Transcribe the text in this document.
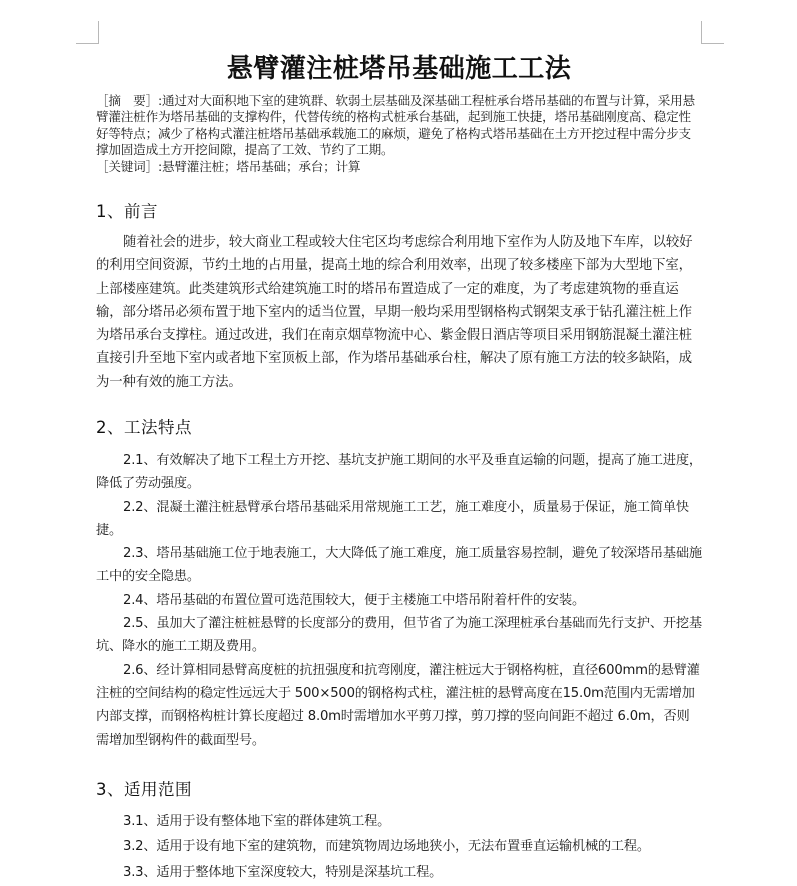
悬臂灌注桩塔吊基础施工工法

［摘　要］:通过对大面积地下室的建筑群、软弱土层基础及深基础工程桩承台塔吊基础的布置与计算，采用悬臂灌注桩作为塔吊基础的支撑构件，代替传统的格构式桩承台基础，起到施工快捷，塔吊基础刚度高、稳定性好等特点；减少了格构式灌注桩塔吊基础承载施工的麻烦，避免了格构式塔吊基础在土方开挖过程中需分步支撑加固造成土方开挖间隙，提高了工效、节约了工期。

［关键词］:悬臂灌注桩；塔吊基础；承台；计算

1、前言

随着社会的进步，较大商业工程或较大住宅区均考虑综合利用地下室作为人防及地下车库，以较好的利用空间资源，节约土地的占用量，提高土地的综合利用效率，出现了较多楼座下部为大型地下室，上部楼座建筑。此类建筑形式给建筑施工时的塔吊布置造成了一定的难度，为了考虑建筑物的垂直运输，部分塔吊必须布置于地下室内的适当位置，早期一般均采用型钢格构式钢架支承于钻孔灌注桩上作为塔吊承台支撑柱。通过改进，我们在南京烟草物流中心、紫金假日酒店等项目采用钢筋混凝土灌注桩直接引升至地下室内或者地下室顶板上部，作为塔吊基础承台柱，解决了原有施工方法的较多缺陷，成为一种有效的施工方法。

2、工法特点

2.1、有效解决了地下工程土方开挖、基坑支护施工期间的水平及垂直运输的问题，提高了施工进度，降低了劳动强度。

2.2、混凝土灌注桩悬臂承台塔吊基础采用常规施工工艺，施工难度小，质量易于保证，施工简单快捷。

2.3、塔吊基础施工位于地表施工，大大降低了施工难度，施工质量容易控制，避免了较深塔吊基础施工中的安全隐患。

2.4、塔吊基础的布置位置可选范围较大，便于主楼施工中塔吊附着杆件的安装。

2.5、虽加大了灌注桩桩悬臂的长度部分的费用，但节省了为施工深理桩承台基础而先行支护、开挖基坑、降水的施工工期及费用。

2.6、经计算相同悬臂高度桩的抗扭强度和抗弯刚度，灌注桩远大于钢格构桩，直径600mm的悬臂灌注桩的空间结构的稳定性远远大于 500×500的钢格构式柱，灌注桩的悬臂高度在15.0m范围内无需增加内部支撑，而钢格构桩计算长度超过 8.0m时需增加水平剪刀撑，剪刀撑的竖向间距不超过 6.0m，否则需增加型钢构件的截面型号。

3、适用范围

3.1、适用于设有整体地下室的群体建筑工程。

3.2、适用于设有地下室的建筑物，而建筑物周边场地狭小，无法布置垂直运输机械的工程。

3.3、适用于整体地下室深度较大，特别是深基坑工程。
